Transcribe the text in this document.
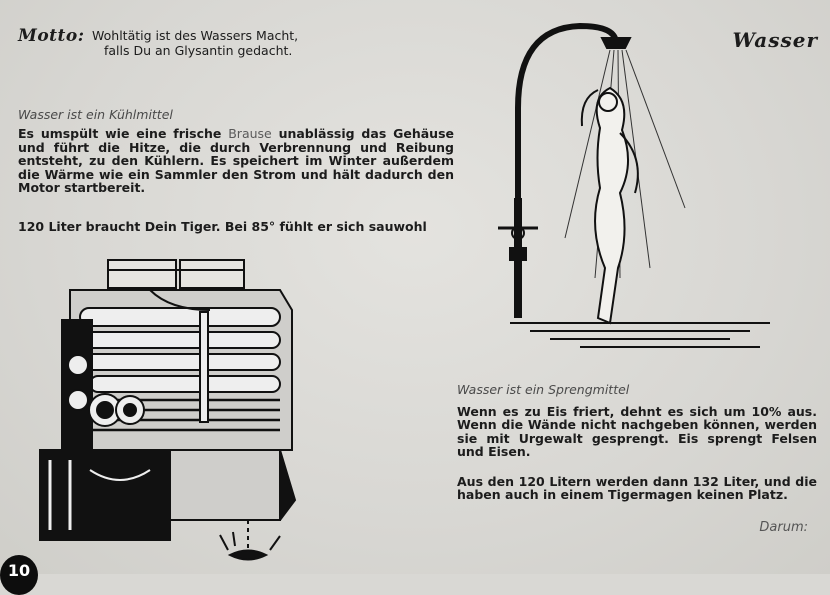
Motto: Wohltätig ist des Wassers Macht,
falls Du an Glysantin gedacht.	Wasser
Wasser ist ein Kühlmittel
Es umspült wie eine frische Brause unablässig das Gehäuse und führt die Hitze, die durch Verbrennung und Reibung entsteht, zu den Kühlern. Es speichert im Winter außerdem die Wärme wie ein Sammler den Strom und hält dadurch den Motor startbereit.
120 Liter braucht Dein Tiger. Bei 85° fühlt er sich sauwohl
Wasser ist ein Sprengmittel
Wenn es zu Eis friert, dehnt es sich um 10% aus. Wenn die Wände nicht nachgeben können, werden sie mit Urgewalt gesprengt. Eis sprengt Felsen und Eisen.
Aus den 120 Litern werden dann 132 Liter, und die haben auch in einem Tigermagen keinen Platz.
Darum:
10
